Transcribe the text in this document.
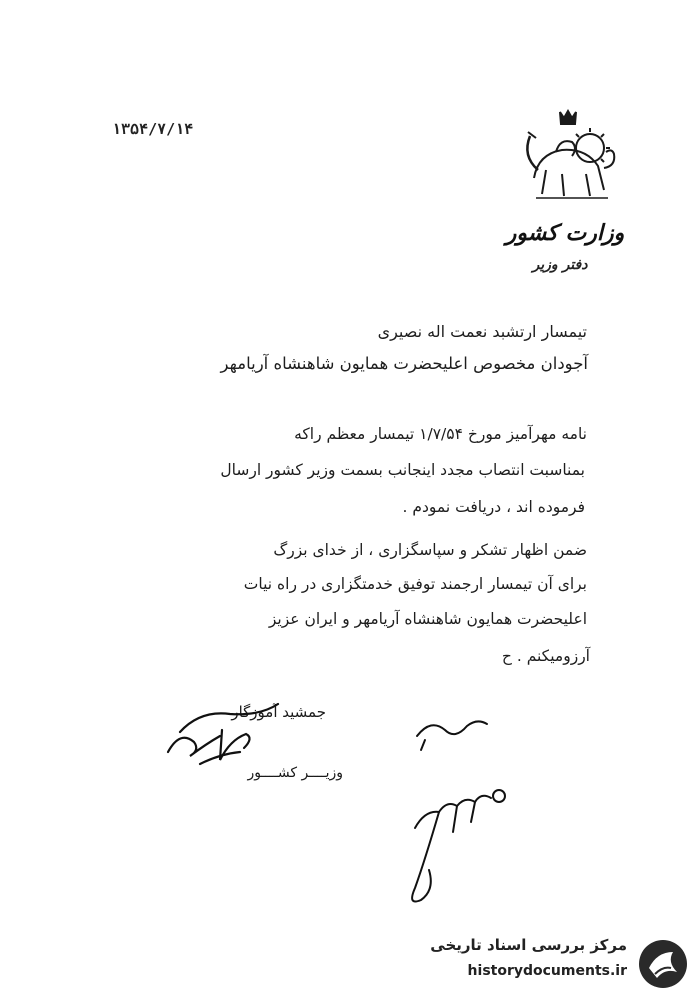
۱۳۵۴/۷/۱۴
وزارت کشور
دفتر وزیر
تیمسار ارتشبد نعمت اله نصیری
آجودان مخصوص اعلیحضرت همایون شاهنشاه آریامهر
نامه مهرآمیز مورخ ۱/۷/۵۴ تیمسار معظم راکه
بمناسبت انتصاب مجدد اینجانب بسمت وزیر کشور ارسال
فرموده اند ، دریافت نمودم .
ضمن اظهار تشکر و سپاسگزاری ، از خدای بزرگ
برای آن تیمسار ارجمند توفیق خدمتگزاری در راه نیات
اعلیحضرت همایون شاهنشاه آریامهر و ایران عزیز
آرزومیکنم . ح
جمشید آموزگار
وزیــــر کشــــور
مرکز بررسی اسناد تاریخی
historydocuments.ir
